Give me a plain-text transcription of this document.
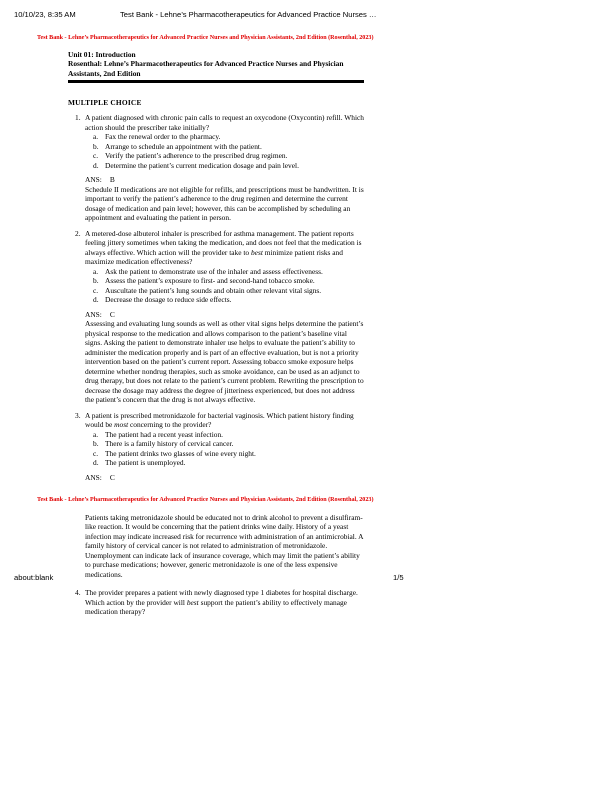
10/10/23, 8:35 AM	Test Bank - Lehne’s Pharmacotherapeutics for Advanced Practice Nurses …
Test Bank - Lehne’s Pharmacotherapeutics for Advanced Practice Nurses and Physician Assistants, 2nd Edition (Rosenthal, 2023)
Unit 01: Introduction
Rosenthal: Lehne’s Pharmacotherapeutics for Advanced Practice Nurses and Physician Assistants, 2nd Edition
MULTIPLE CHOICE
1. A patient diagnosed with chronic pain calls to request an oxycodone (Oxycontin) refill. Which action should the prescriber take initially?
a. Fax the renewal order to the pharmacy.
b. Arrange to schedule an appointment with the patient.
c. Verify the patient’s adherence to the prescribed drug regimen.
d. Determine the patient’s current medication dosage and pain level.
ANS: B
Schedule II medications are not eligible for refills, and prescriptions must be handwritten. It is important to verify the patient’s adherence to the drug regimen and determine the current dosage of medication and pain level; however, this can be accomplished by scheduling an appointment and evaluating the patient in person.
2. A metered-dose albuterol inhaler is prescribed for asthma management. The patient reports feeling jittery sometimes when taking the medication, and does not feel that the medication is always effective. Which action will the provider take to best minimize patient risks and maximize medication effectiveness?
a. Ask the patient to demonstrate use of the inhaler and assess effectiveness.
b. Assess the patient’s exposure to first- and second-hand tobacco smoke.
c. Auscultate the patient’s lung sounds and obtain other relevant vital signs.
d. Decrease the dosage to reduce side effects.
ANS: C
Assessing and evaluating lung sounds as well as other vital signs helps determine the patient’s physical response to the medication and allows comparison to the patient’s baseline vital signs. Asking the patient to demonstrate inhaler use helps to evaluate the patient’s ability to administer the medication properly and is part of an effective evaluation, but is not a priority intervention based on the patient’s current report. Assessing tobacco smoke exposure helps determine whether nondrug therapies, such as smoke avoidance, can be used as an adjunct to drug therapy, but does not relate to the patient’s current problem. Rewriting the prescription to decrease the dosage may address the degree of jitteriness experienced, but does not address the patient’s concern that the drug is not always effective.
3. A patient is prescribed metronidazole for bacterial vaginosis. Which patient history finding would be most concerning to the provider?
a. The patient had a recent yeast infection.
b. There is a family history of cervical cancer.
c. The patient drinks two glasses of wine every night.
d. The patient is unemployed.
ANS: C
Test Bank - Lehne’s Pharmacotherapeutics for Advanced Practice Nurses and Physician Assistants, 2nd Edition (Rosenthal, 2023)
Patients taking metronidazole should be educated not to drink alcohol to prevent a disulfiram-like reaction. It would be concerning that the patient drinks wine daily. History of a yeast infection may indicate increased risk for recurrence with administration of an antimicrobial. A family history of cervical cancer is not related to administration of metronidazole. Unemployment can indicate lack of insurance coverage, which may limit the patient’s ability to purchase medications; however, generic metronidazole is one of the less expensive medications.
4. The provider prepares a patient with newly diagnosed type 1 diabetes for hospital discharge. Which action by the provider will best support the patient’s ability to effectively manage medication therapy?
about:blank	1/5
